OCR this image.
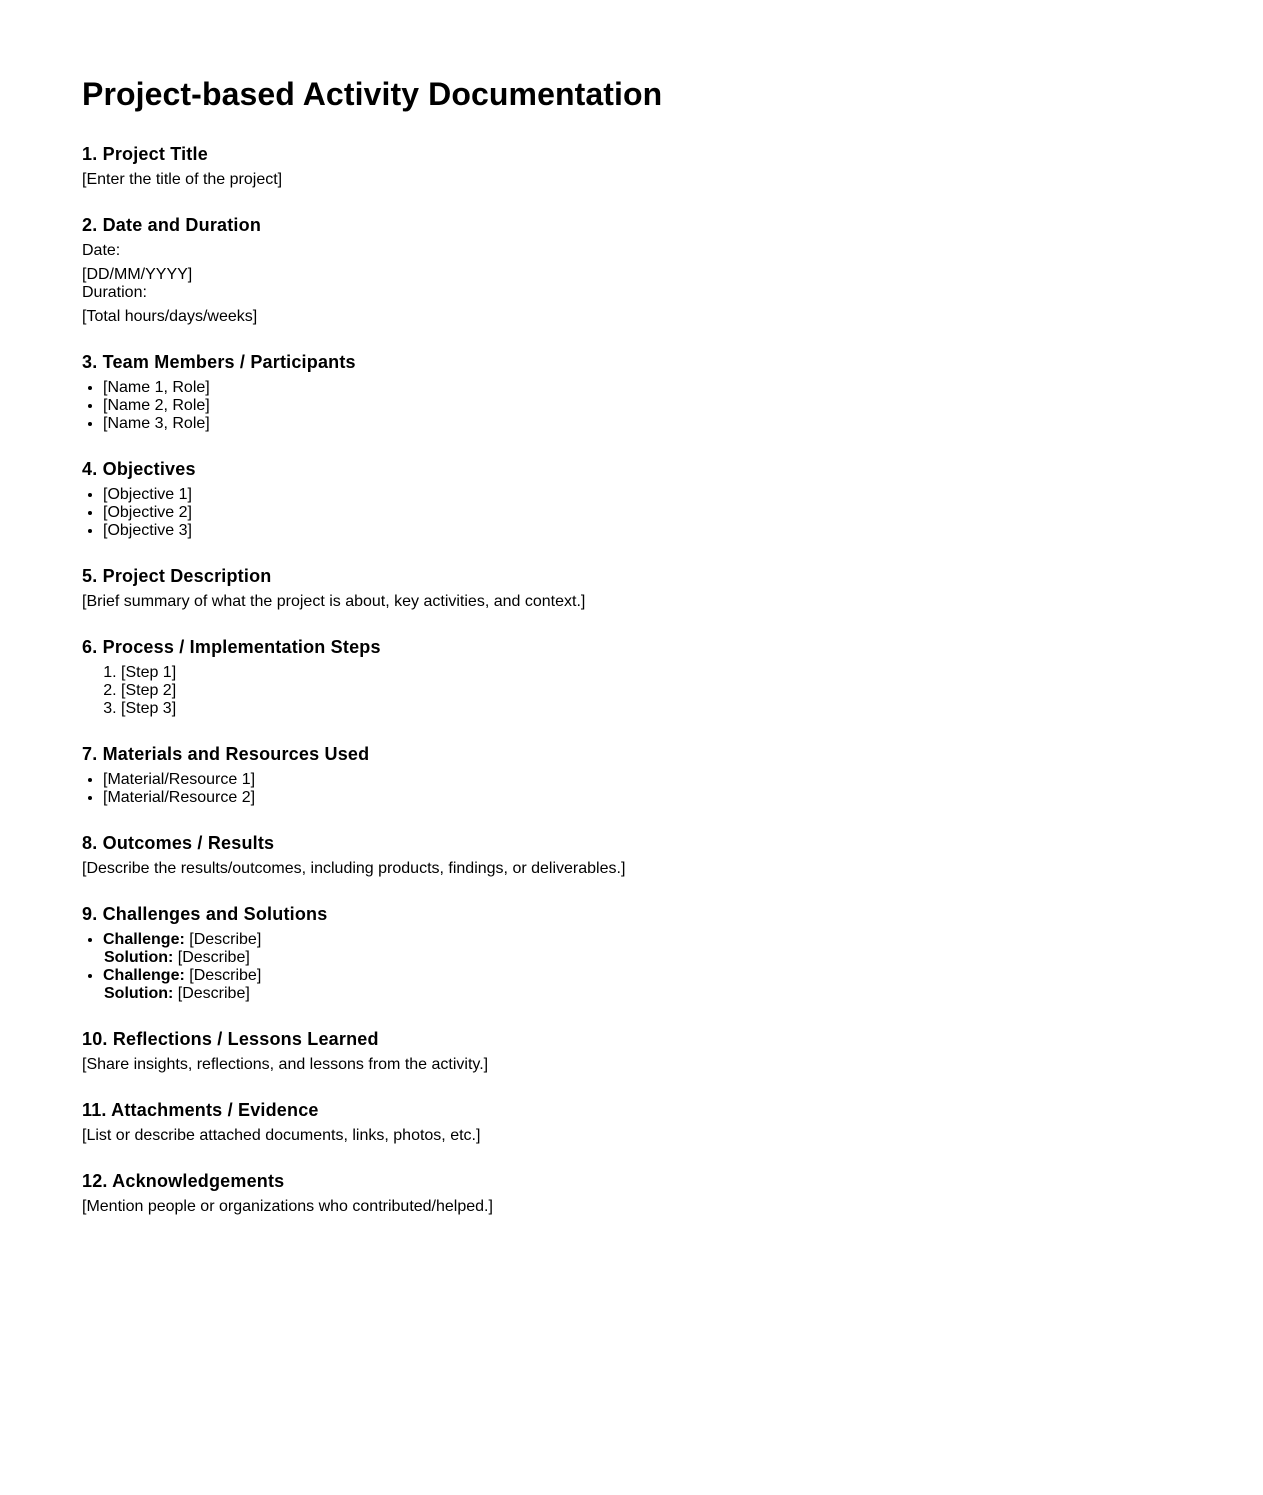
Project-based Activity Documentation
1. Project Title

[Enter the title of the project]

2. Date and Duration
Date:
[DD/MM/YYYY]
Duration:
[Total hours/days/weeks]
3. Team Members / Participants
• [Name 1, Role]
• [Name 2, Role]
• [Name 3, Role]
4. Objectives
• [Objective 1]
• [Objective 2]
• [Objective 3]
5. Project Description

[Brief summary of what the project is about, key activities, and context.]

6. Process / Implementation Steps
1. [Step 1]
2. [Step 2]
3. [Step 3]
7. Materials and Resources Used
• [Material/Resource 1]
• [Material/Resource 2]
8. Outcomes / Results

[Describe the results/outcomes, including products, findings, or deliverables.]

9. Challenges and Solutions
• Challenge: [Describe]
Solution: [Describe]
• Challenge: [Describe]
Solution: [Describe]
10. Reflections / Lessons Learned

[Share insights, reflections, and lessons from the activity.]

11. Attachments / Evidence

[List or describe attached documents, links, photos, etc.]

12. Acknowledgements

[Mention people or organizations who contributed/helped.]
